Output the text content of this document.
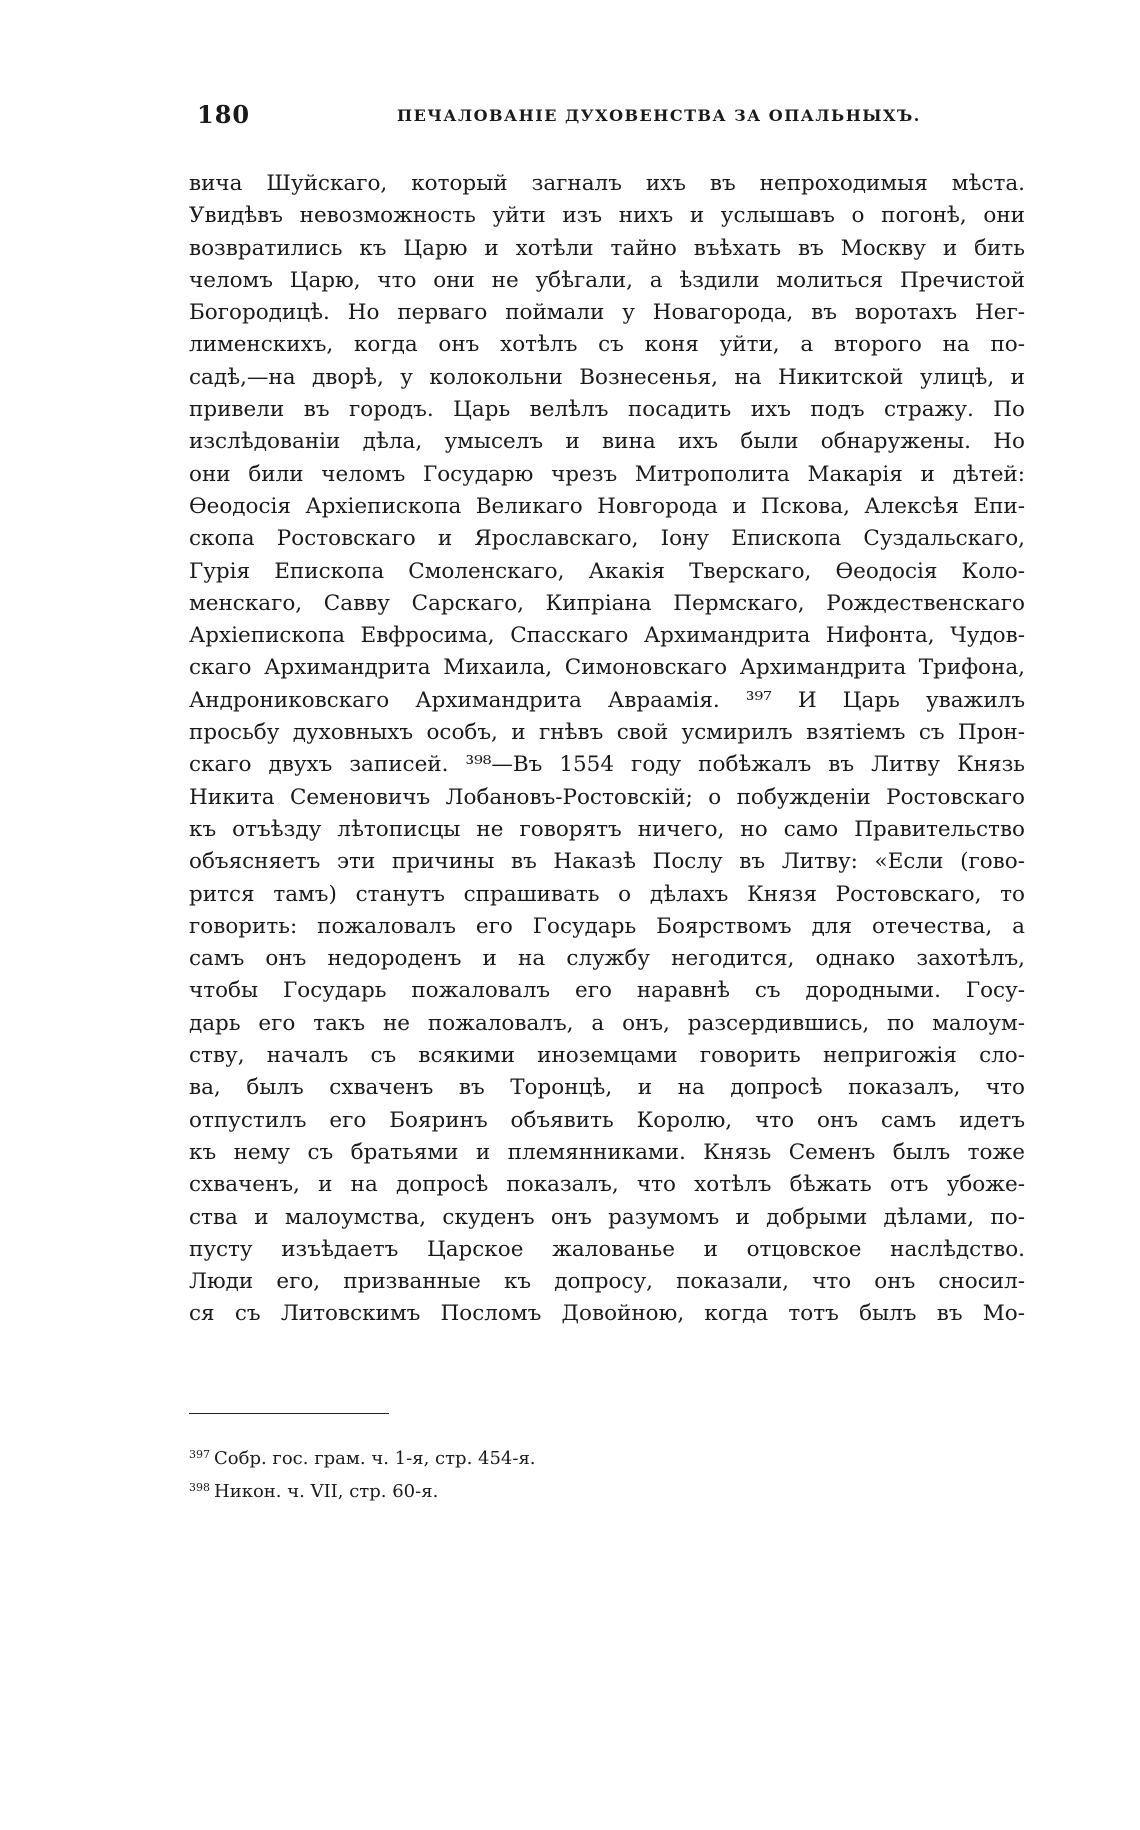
180	ПЕЧАЛОВАНІЕ ДУХОВЕНСТВА ЗА ОПАЛЬНЫХЪ.
вича Шуйскаго, который загналъ ихъ въ непроходимыя мѣста.
Увидѣвъ невозможность уйти изъ нихъ и услышавъ о погонѣ, они
возвратились къ Царю и хотѣли тайно въѣхать въ Москву и бить
челомъ Царю, что они не убѣгали, а ѣздили молиться Пречистой
Богородицѣ. Но перваго поймали у Новагорода, въ воротахъ Нег-
лименскихъ, когда онъ хотѣлъ съ коня уйти, а второго на по-
садѣ,—на дворѣ, у колокольни Вознесенья, на Никитской улицѣ, и
привели въ городъ. Царь велѣлъ посадить ихъ подъ стражу. По
изслѣдованіи дѣла, умыселъ и вина ихъ были обнаружены. Но
они били челомъ Государю чрезъ Митрополита Макарія и дѣтей:
Ѳеодосія Архіепископа Великаго Новгорода и Пскова, Алексѣя Епи-
скопа Ростовскаго и Ярославскаго, Іону Епископа Суздальскаго,
Гурія Епископа Смоленскаго, Акакія Тверскаго, Ѳеодосія Коло-
менскаго, Савву Сарскаго, Кипріана Пермскаго, Рождественскаго
Архіепископа Евфросима, Спасскаго Архимандрита Нифонта, Чудов-
скаго Архимандрита Михаила, Симоновскаго Архимандрита Трифона,
Андрониковскаго Архимандрита Авраамія. ³⁹⁷ И Царь уважилъ
просьбу духовныхъ особъ, и гнѣвъ свой усмирилъ взятіемъ съ Прон-
скаго двухъ записей. ³⁹⁸—Въ 1554 году побѣжалъ въ Литву Князь
Никита Семеновичъ Лобановъ-Ростовскій; о побужденіи Ростовскаго
къ отъѣзду лѣтописцы не говорятъ ничего, но само Правительство
объясняетъ эти причины въ Наказѣ Послу въ Литву: «Если (гово-
рится тамъ) станутъ спрашивать о дѣлахъ Князя Ростовскаго, то
говорить: пожаловалъ его Государь Боярствомъ для отечества, а
самъ онъ недороденъ и на службу негодится, однако захотѣлъ,
чтобы Государь пожаловалъ его наравнѣ съ дородными. Госу-
дарь его такъ не пожаловалъ, а онъ, разсердившись, по малоум-
ству, началъ съ всякими иноземцами говорить непригожія сло-
ва, былъ схваченъ въ Торонцѣ, и на допросѣ показалъ, что
отпустилъ его Бояринъ объявить Королю, что онъ самъ идетъ
къ нему съ братьями и племянниками. Князь Семенъ былъ тоже
схваченъ, и на допросѣ показалъ, что хотѣлъ бѣжать отъ убоже-
ства и малоумства, скуденъ онъ разумомъ и добрыми дѣлами, по-
пусту изъѣдаетъ Царское жалованье и отцовское наслѣдство.
Люди его, призванные къ допросу, показали, что онъ сносил-
ся съ Литовскимъ Посломъ Довойною, когда тотъ былъ въ Мо-
$^{397}$ Собр. гос. грам. ч. 1-я, стр. 454-я.
$^{398}$ Никон. ч. VII, стр. 60-я.
